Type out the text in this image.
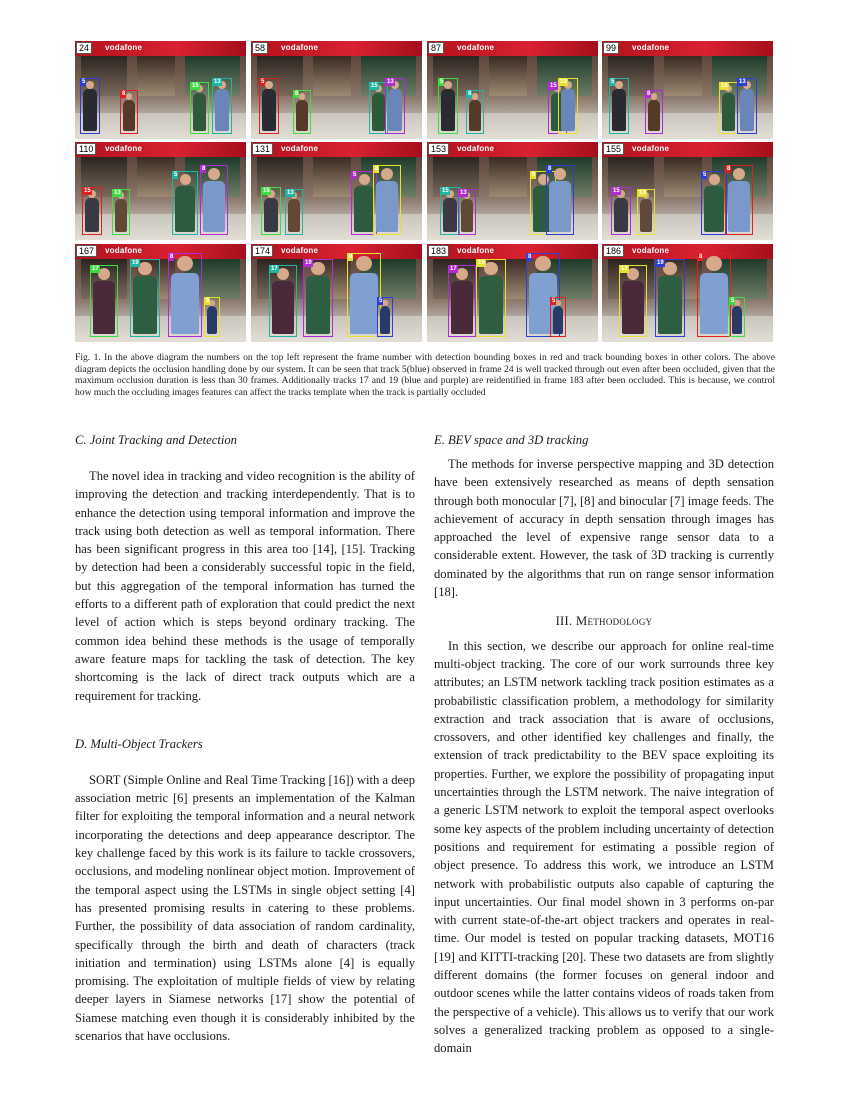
vodafone
5
8
15
13
24	vodafone
5
8
15
13
58	vodafone
5
8
15
13
87	vodafone
5
8
15
13
99
vodafone
15	13
5
8
110	vodafone
15	13
5
8
131	vodafone
15 13
5
8
153	vodafone
15	13
5
8
155
vodafone
17
19
8
5
167	vodafone
17
19
8
5
174	vodafone
17
19
8
5
183	vodafone
17
19
8
5
186
Fig. 1. In the above diagram the numbers on the top left represent the frame number with detection bounding boxes in red and track bounding boxes in other colors. The above diagram depicts the occlusion handling done by our system. It can be seen that track 5(blue) observed in frame 24 is well tracked through out even after been occluded, given that the maximum occlusion duration is less than 30 frames. Additionally tracks 17 and 19 (blue and purple) are reidentified in frame 183 after been occluded. This is because, we control how much the occluding images features can affect the tracks template when the track is partially occluded
C. Joint Tracking and Detection

The novel idea in tracking and video recognition is the ability of improving the detection and tracking interdependently. That is to enhance the detection using temporal information and improve the track using both detection as well as temporal information. There has been significant progress in this area too [14], [15]. Tracking by detection had been a considerably successful topic in the field, but this aggregation of the temporal information has turned the efforts to a different path of exploration that could predict the next level of action which is steps beyond ordinary tracking. The common idea behind these methods is the usage of temporally aware feature maps for tackling the task of detection. The key shortcoming is the lack of direct track outputs which are a requirement for tracking.

D. Multi-Object Trackers

SORT (Simple Online and Real Time Tracking [16]) with a deep association metric [6] presents an implementation of the Kalman filter for exploiting the temporal information and a neural network incorporating the detections and deep appearance descriptor. The key challenge faced by this work is its failure to tackle crossovers, occlusions, and modeling nonlinear object motion. Improvement of the temporal aspect using the LSTMs in single object setting [4] has presented promising results in catering to these problems. Further, the possibility of data association of random cardinality, specifically through the birth and death of characters (track initiation and termination) using LSTMs alone [4] is equally promising. The exploitation of multiple fields of view by relating deeper layers in Siamese networks [17] show the potential of Siamese matching even though it is considerably inhibited by the scenarios that have occlusions.

E. BEV space and 3D tracking

The methods for inverse perspective mapping and 3D detection have been extensively researched as means of depth sensation through both monocular [7], [8] and binocular [7] image feeds. The achievement of accuracy in depth sensation through images has approached the level of expensive range sensor data to a considerable extent. However, the task of 3D tracking is currently dominated by the algorithms that run on range sensor information [18].

III. Methodology

In this section, we describe our approach for online real-time multi-object tracking. The core of our work surrounds three key attributes; an LSTM network tackling track position estimates as a probabilistic classification problem, a methodology for similarity extraction and track association that is aware of occlusions, crossovers, and other identified key challenges and finally, the extension of track predictability to the BEV space exploiting its properties. Further, we explore the possibility of propagating input uncertainties through the LSTM network. The naive integration of a generic LSTM network to exploit the temporal aspect overlooks some key aspects of the problem including uncertainty of detection positions and requirement for estimating a possible region of object presence. To address this work, we introduce an LSTM network with probabilistic outputs also capable of capturing the input uncertainties. Our final model shown in 3 performs on-par with current state-of-the-art object trackers and operates in real-time. Our model is tested on popular tracking datasets, MOT16 [19] and KITTI-tracking [20]. These two datasets are from slightly different domains (the former focuses on general indoor and outdoor scenes while the latter contains videos of roads taken from the perspective of a vehicle). This allows us to verify that our work solves a generalized tracking problem as opposed to a single-domain
